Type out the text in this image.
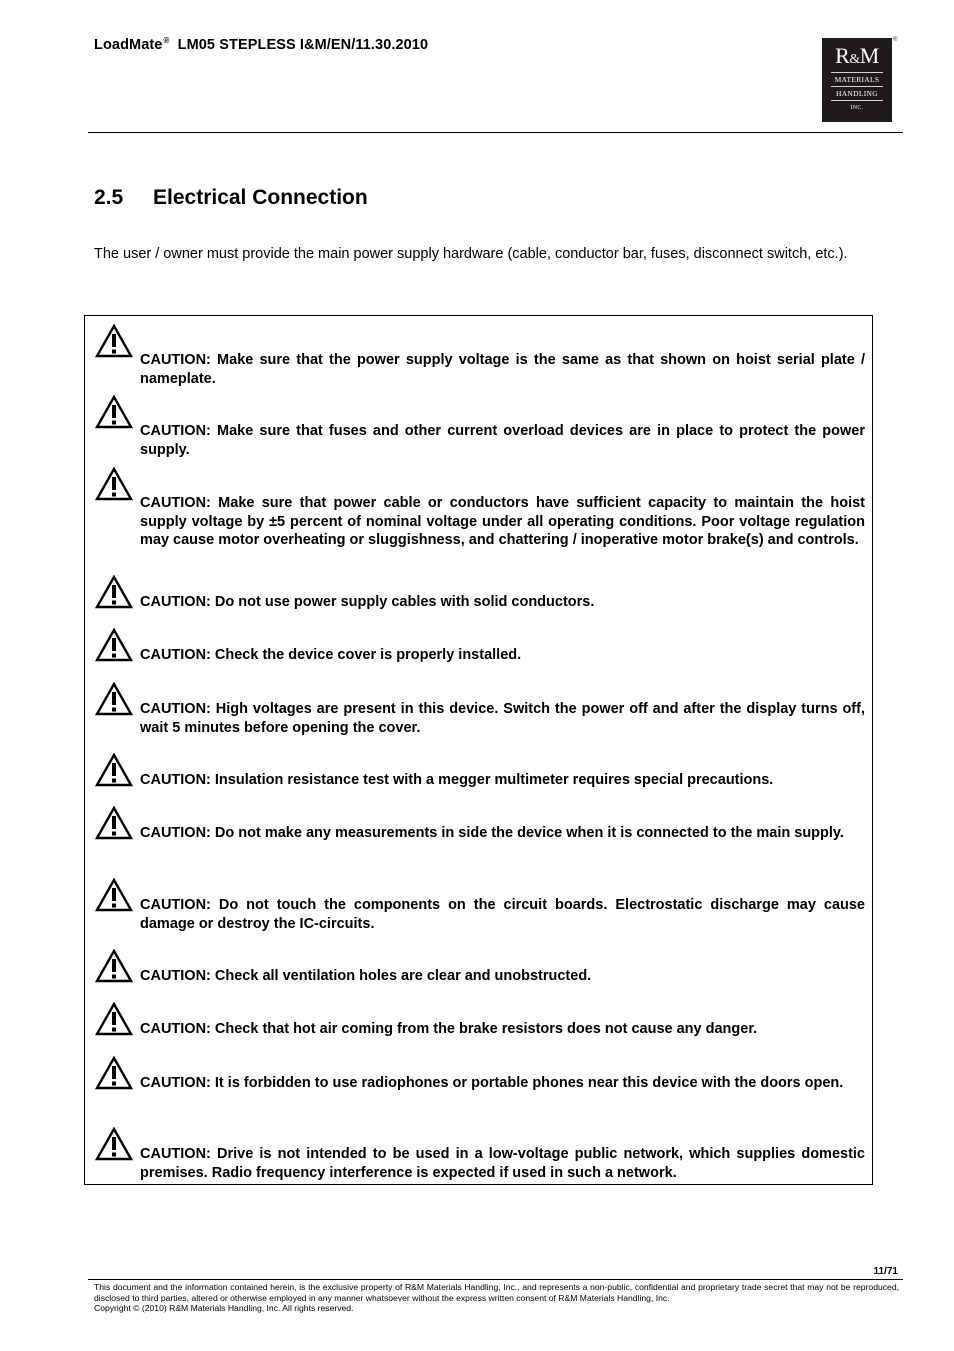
LoadMate® LM05 STEPLESS I&M/EN/11.30.2010	R&M
MATERIALS
HANDLING
INC.
®
2.5 Electrical Connection

The user / owner must provide the main power supply hardware (cable, conductor bar, fuses, disconnect switch, etc.).

CAUTION: Make sure that the power supply voltage is the same as that shown on hoist serial plate / nameplate.

CAUTION: Make sure that fuses and other current overload devices are in place to protect the power supply.

CAUTION: Make sure that power cable or conductors have sufficient capacity to maintain the hoist supply voltage by ±5 percent of nominal voltage under all operating conditions. Poor voltage regulation may cause motor overheating or sluggishness, and chattering / inoperative motor brake(s) and controls.

CAUTION: Do not use power supply cables with solid conductors.

CAUTION: Check the device cover is properly installed.

CAUTION: High voltages are present in this device. Switch the power off and after the display turns off, wait 5 minutes before opening the cover.

CAUTION: Insulation resistance test with a megger multimeter requires special precautions.

CAUTION: Do not make any measurements in side the device when it is connected to the main supply.

CAUTION: Do not touch the components on the circuit boards. Electrostatic discharge may cause damage or destroy the IC-circuits.

CAUTION: Check all ventilation holes are clear and unobstructed.

CAUTION: Check that hot air coming from the brake resistors does not cause any danger.

CAUTION: It is forbidden to use radiophones or portable phones near this device with the doors open.

CAUTION: Drive is not intended to be used in a low-voltage public network, which supplies domestic premises. Radio frequency interference is expected if used in such a network.

11/71
This document and the information contained herein, is the exclusive property of R&M Materials Handling, Inc., and represents a non-public, confidential and proprietary trade secret that may not be reproduced, disclosed to third parties, altered or otherwise employed in any manner whatsoever without the express written consent of R&M Materials Handling, Inc.
Copyright © (2010) R&M Materials Handling, Inc. All rights reserved.
